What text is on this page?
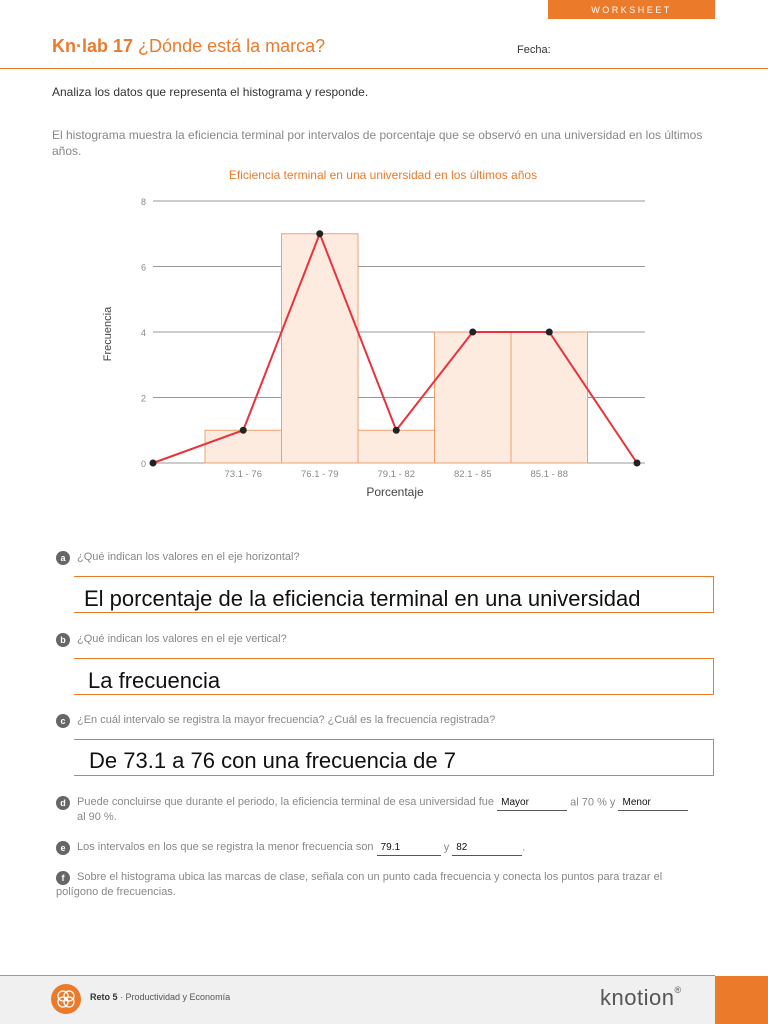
WORKSHEET
Kn·lab 17 ¿Dónde está la marca?	Fecha:
Analiza los datos que representa el histograma y responde.
El histograma muestra la eficiencia terminal por intervalos de porcentaje que se observó en una universidad en los últimos años.
Eficiencia terminal en una universidad en los últimos años
0
2
4
6
8
73.1 - 76	76.1 - 79	79.1 - 82	82.1 - 85	85.1 - 88
Porcentaje
Frecuencia
a ¿Qué indican los valores en el eje horizontal?
El porcentaje de la eficiencia terminal en una universidad
b ¿Qué indican los valores en el eje vertical?
La frecuencia
c ¿En cuál intervalo se registra la mayor frecuencia? ¿Cuál es la frecuencia registrada?
De 73.1 a 76 con una frecuencia de 7
d Puede concluirse que durante el periodo, la eficiencia terminal de esa universidad fue Mayor	al 70 % y Menor
al 90 %.
e Los intervalos en los que se registra la menor frecuencia son 79.1	y 82	.
f Sobre el histograma ubica las marcas de clase, señala con un punto cada frecuencia y conecta los puntos para trazar el polígono de frecuencias.
Reto 5 · Productividad y Economía	knotion®
